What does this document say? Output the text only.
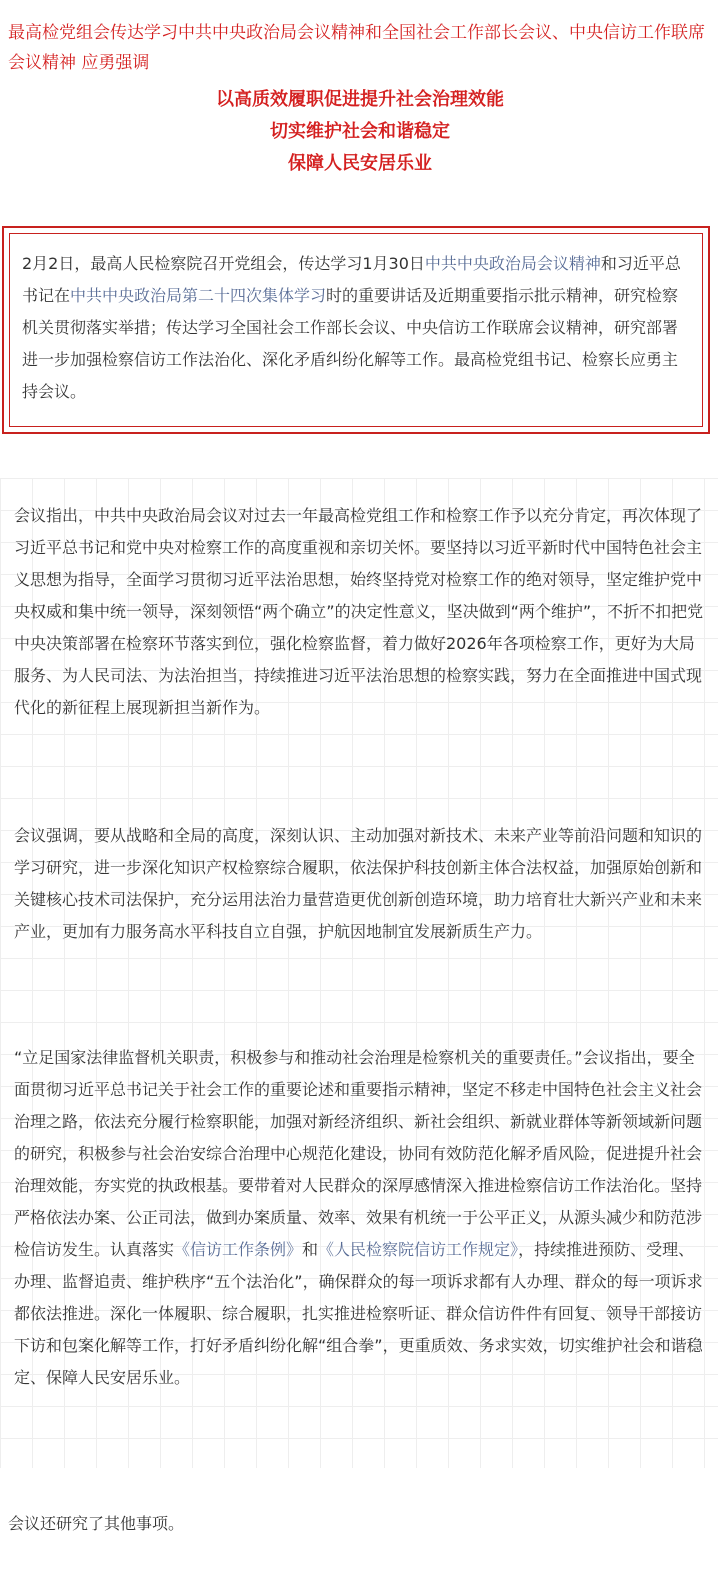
最高检党组会传达学习中共中央政治局会议精神和全国社会工作部长会议、中央信访工作联席会议精神 应勇强调

以高质效履职促进提升社会治理效能
切实维护社会和谐稳定
保障人民安居乐业
2月2日，最高人民检察院召开党组会，传达学习1月30日中共中央政治局会议精神和习近平总书记在中共中央政治局第二十四次集体学习时的重要讲话及近期重要指示批示精神，研究检察机关贯彻落实举措；传达学习全国社会工作部长会议、中央信访工作联席会议精神，研究部署进一步加强检察信访工作法治化、深化矛盾纠纷化解等工作。最高检党组书记、检察长应勇主持会议。

会议指出，中共中央政治局会议对过去一年最高检党组工作和检察工作予以充分肯定，再次体现了习近平总书记和党中央对检察工作的高度重视和亲切关怀。要坚持以习近平新时代中国特色社会主义思想为指导，全面学习贯彻习近平法治思想，始终坚持党对检察工作的绝对领导，坚定维护党中央权威和集中统一领导，深刻领悟“两个确立”的决定性意义，坚决做到“两个维护”，不折不扣把党中央决策部署在检察环节落实到位，强化检察监督，着力做好2026年各项检察工作，更好为大局服务、为人民司法、为法治担当，持续推进习近平法治思想的检察实践，努力在全面推进中国式现代化的新征程上展现新担当新作为。

会议强调，要从战略和全局的高度，深刻认识、主动加强对新技术、未来产业等前沿问题和知识的学习研究，进一步深化知识产权检察综合履职，依法保护科技创新主体合法权益，加强原始创新和关键核心技术司法保护，充分运用法治力量营造更优创新创造环境，助力培育壮大新兴产业和未来产业，更加有力服务高水平科技自立自强，护航因地制宜发展新质生产力。

“立足国家法律监督机关职责，积极参与和推动社会治理是检察机关的重要责任。”会议指出，要全面贯彻习近平总书记关于社会工作的重要论述和重要指示精神，坚定不移走中国特色社会主义社会治理之路，依法充分履行检察职能，加强对新经济组织、新社会组织、新就业群体等新领域新问题的研究，积极参与社会治安综合治理中心规范化建设，协同有效防范化解矛盾风险，促进提升社会治理效能，夯实党的执政根基。要带着对人民群众的深厚感情深入推进检察信访工作法治化。坚持严格依法办案、公正司法，做到办案质量、效率、效果有机统一于公平正义，从源头减少和防范涉检信访发生。认真落实《信访工作条例》和《人民检察院信访工作规定》，持续推进预防、受理、办理、监督追责、维护秩序“五个法治化”，确保群众的每一项诉求都有人办理、群众的每一项诉求都依法推进。深化一体履职、综合履职，扎实推进检察听证、群众信访件件有回复、领导干部接访下访和包案化解等工作，打好矛盾纠纷化解“组合拳”，更重质效、务求实效，切实维护社会和谐稳定、保障人民安居乐业。

会议还研究了其他事项。
